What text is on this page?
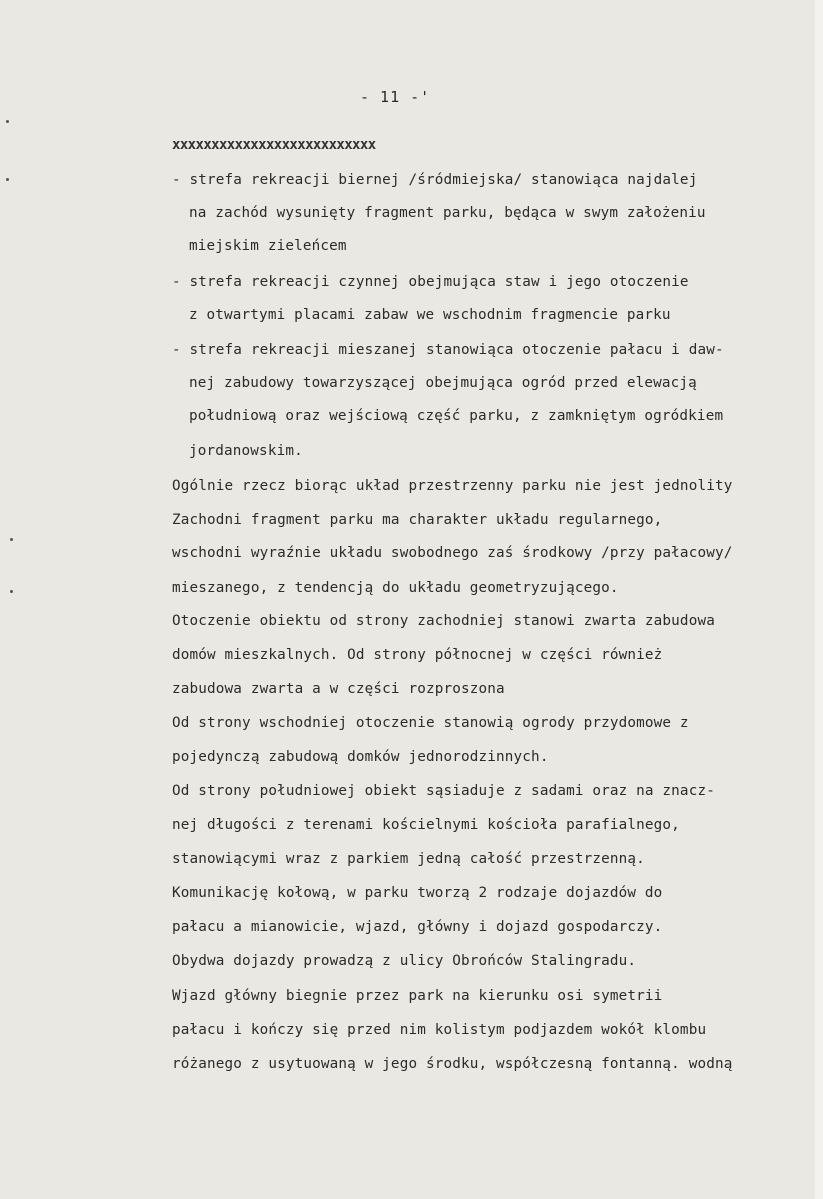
- 11 -'
xxxxxxxxxxxxxxxxxxxxxxxxxx
- strefa rekreacji biernej /śródmiejska/ stanowiąca najdalej
na zachód wysunięty fragment parku, będąca w swym założeniu
miejskim zieleńcem
- strefa rekreacji czynnej obejmująca staw i jego otoczenie
z otwartymi placami zabaw we wschodnim fragmencie parku
- strefa rekreacji mieszanej stanowiąca otoczenie pałacu i daw-
nej zabudowy towarzyszącej obejmująca ogród przed elewacją
południową oraz wejściową część parku, z zamkniętym ogródkiem
jordanowskim.
Ogólnie rzecz biorąc układ przestrzenny parku nie jest jednolity
Zachodni fragment parku ma charakter układu regularnego,
wschodni wyraźnie układu swobodnego zaś środkowy /przy pałacowy/
mieszanego, z tendencją do układu geometryzującego.
Otoczenie obiektu od strony zachodniej stanowi zwarta zabudowa
domów mieszkalnych. Od strony północnej w części również
zabudowa zwarta a w części rozproszona
Od strony wschodniej otoczenie stanowią ogrody przydomowe z
pojedynczą zabudową domków jednorodzinnych.
Od strony południowej obiekt sąsiaduje z sadami oraz na znacz-
nej długości z terenami kościelnymi kościoła parafialnego,
stanowiącymi wraz z parkiem jedną całość przestrzenną.
Komunikację kołową, w parku tworzą 2 rodzaje dojazdów do
pałacu a mianowicie, wjazd, główny i dojazd gospodarczy.
Obydwa dojazdy prowadzą z ulicy Obrońców Stalingradu.
Wjazd główny biegnie przez park na kierunku osi symetrii
pałacu i kończy się przed nim kolistym podjazdem wokół klombu
różanego z usytuowaną w jego środku, współczesną fontanną. wodną
